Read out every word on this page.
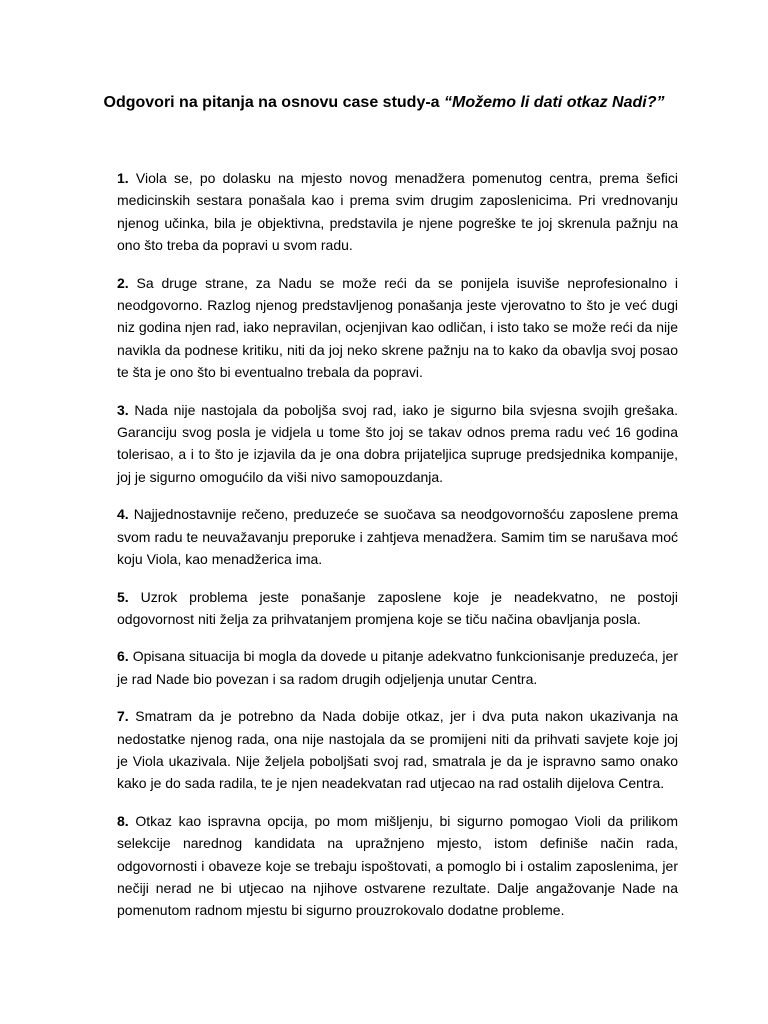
Odgovori na pitanja na osnovu case study-a “Možemo li dati otkaz Nadi?”

1. Viola se, po dolasku na mjesto novog menadžera pomenutog centra, prema šefici medicinskih sestara ponašala kao i prema svim drugim zaposlenicima. Pri vrednovanju njenog učinka, bila je objektivna, predstavila je njene pogreške te joj skrenula pažnju na ono što treba da popravi u svom radu.

2. Sa druge strane, za Nadu se može reći da se ponijela isuviše neprofesionalno i neodgovorno. Razlog njenog predstavljenog ponašanja jeste vjerovatno to što je već dugi niz godina njen rad, iako nepravilan, ocjenjivan kao odličan, i isto tako se može reći da nije navikla da podnese kritiku, niti da joj neko skrene pažnju na to kako da obavlja svoj posao te šta je ono što bi eventualno trebala da popravi.

3. Nada nije nastojala da poboljša svoj rad, iako je sigurno bila svjesna svojih grešaka. Garanciju svog posla je vidjela u tome što joj se takav odnos prema radu već 16 godina tolerisao, a i to što je izjavila da je ona dobra prijateljica supruge predsjednika kompanije, joj je sigurno omogućilo da viši nivo samopouzdanja.

4. Najjednostavnije rečeno, preduzeće se suočava sa neodgovornošću zaposlene prema svom radu te neuvažavanju preporuke i zahtjeva menadžera. Samim tim se narušava moć koju Viola, kao menadžerica ima.

5. Uzrok problema jeste ponašanje zaposlene koje je neadekvatno, ne postoji odgovornost niti želja za prihvatanjem promjena koje se tiču načina obavljanja posla.

6. Opisana situacija bi mogla da dovede u pitanje adekvatno funkcionisanje preduzeća, jer je rad Nade bio povezan i sa radom drugih odjeljenja unutar Centra.

7. Smatram da je potrebno da Nada dobije otkaz, jer i dva puta nakon ukazivanja na nedostatke njenog rada, ona nije nastojala da se promijeni niti da prihvati savjete koje joj je Viola ukazivala. Nije željela poboljšati svoj rad, smatrala je da je ispravno samo onako kako je do sada radila, te je njen neadekvatan rad utjecao na rad ostalih dijelova Centra.

8. Otkaz kao ispravna opcija, po mom mišljenju, bi sigurno pomogao Violi da prilikom selekcije narednog kandidata na upražnjeno mjesto, istom definiše način rada, odgovornosti i obaveze koje se trebaju ispoštovati, a pomoglo bi i ostalim zaposlenima, jer nečiji nerad ne bi utjecao na njihove ostvarene rezultate. Dalje angažovanje Nade na pomenutom radnom mjestu bi sigurno prouzrokovalo dodatne probleme.
